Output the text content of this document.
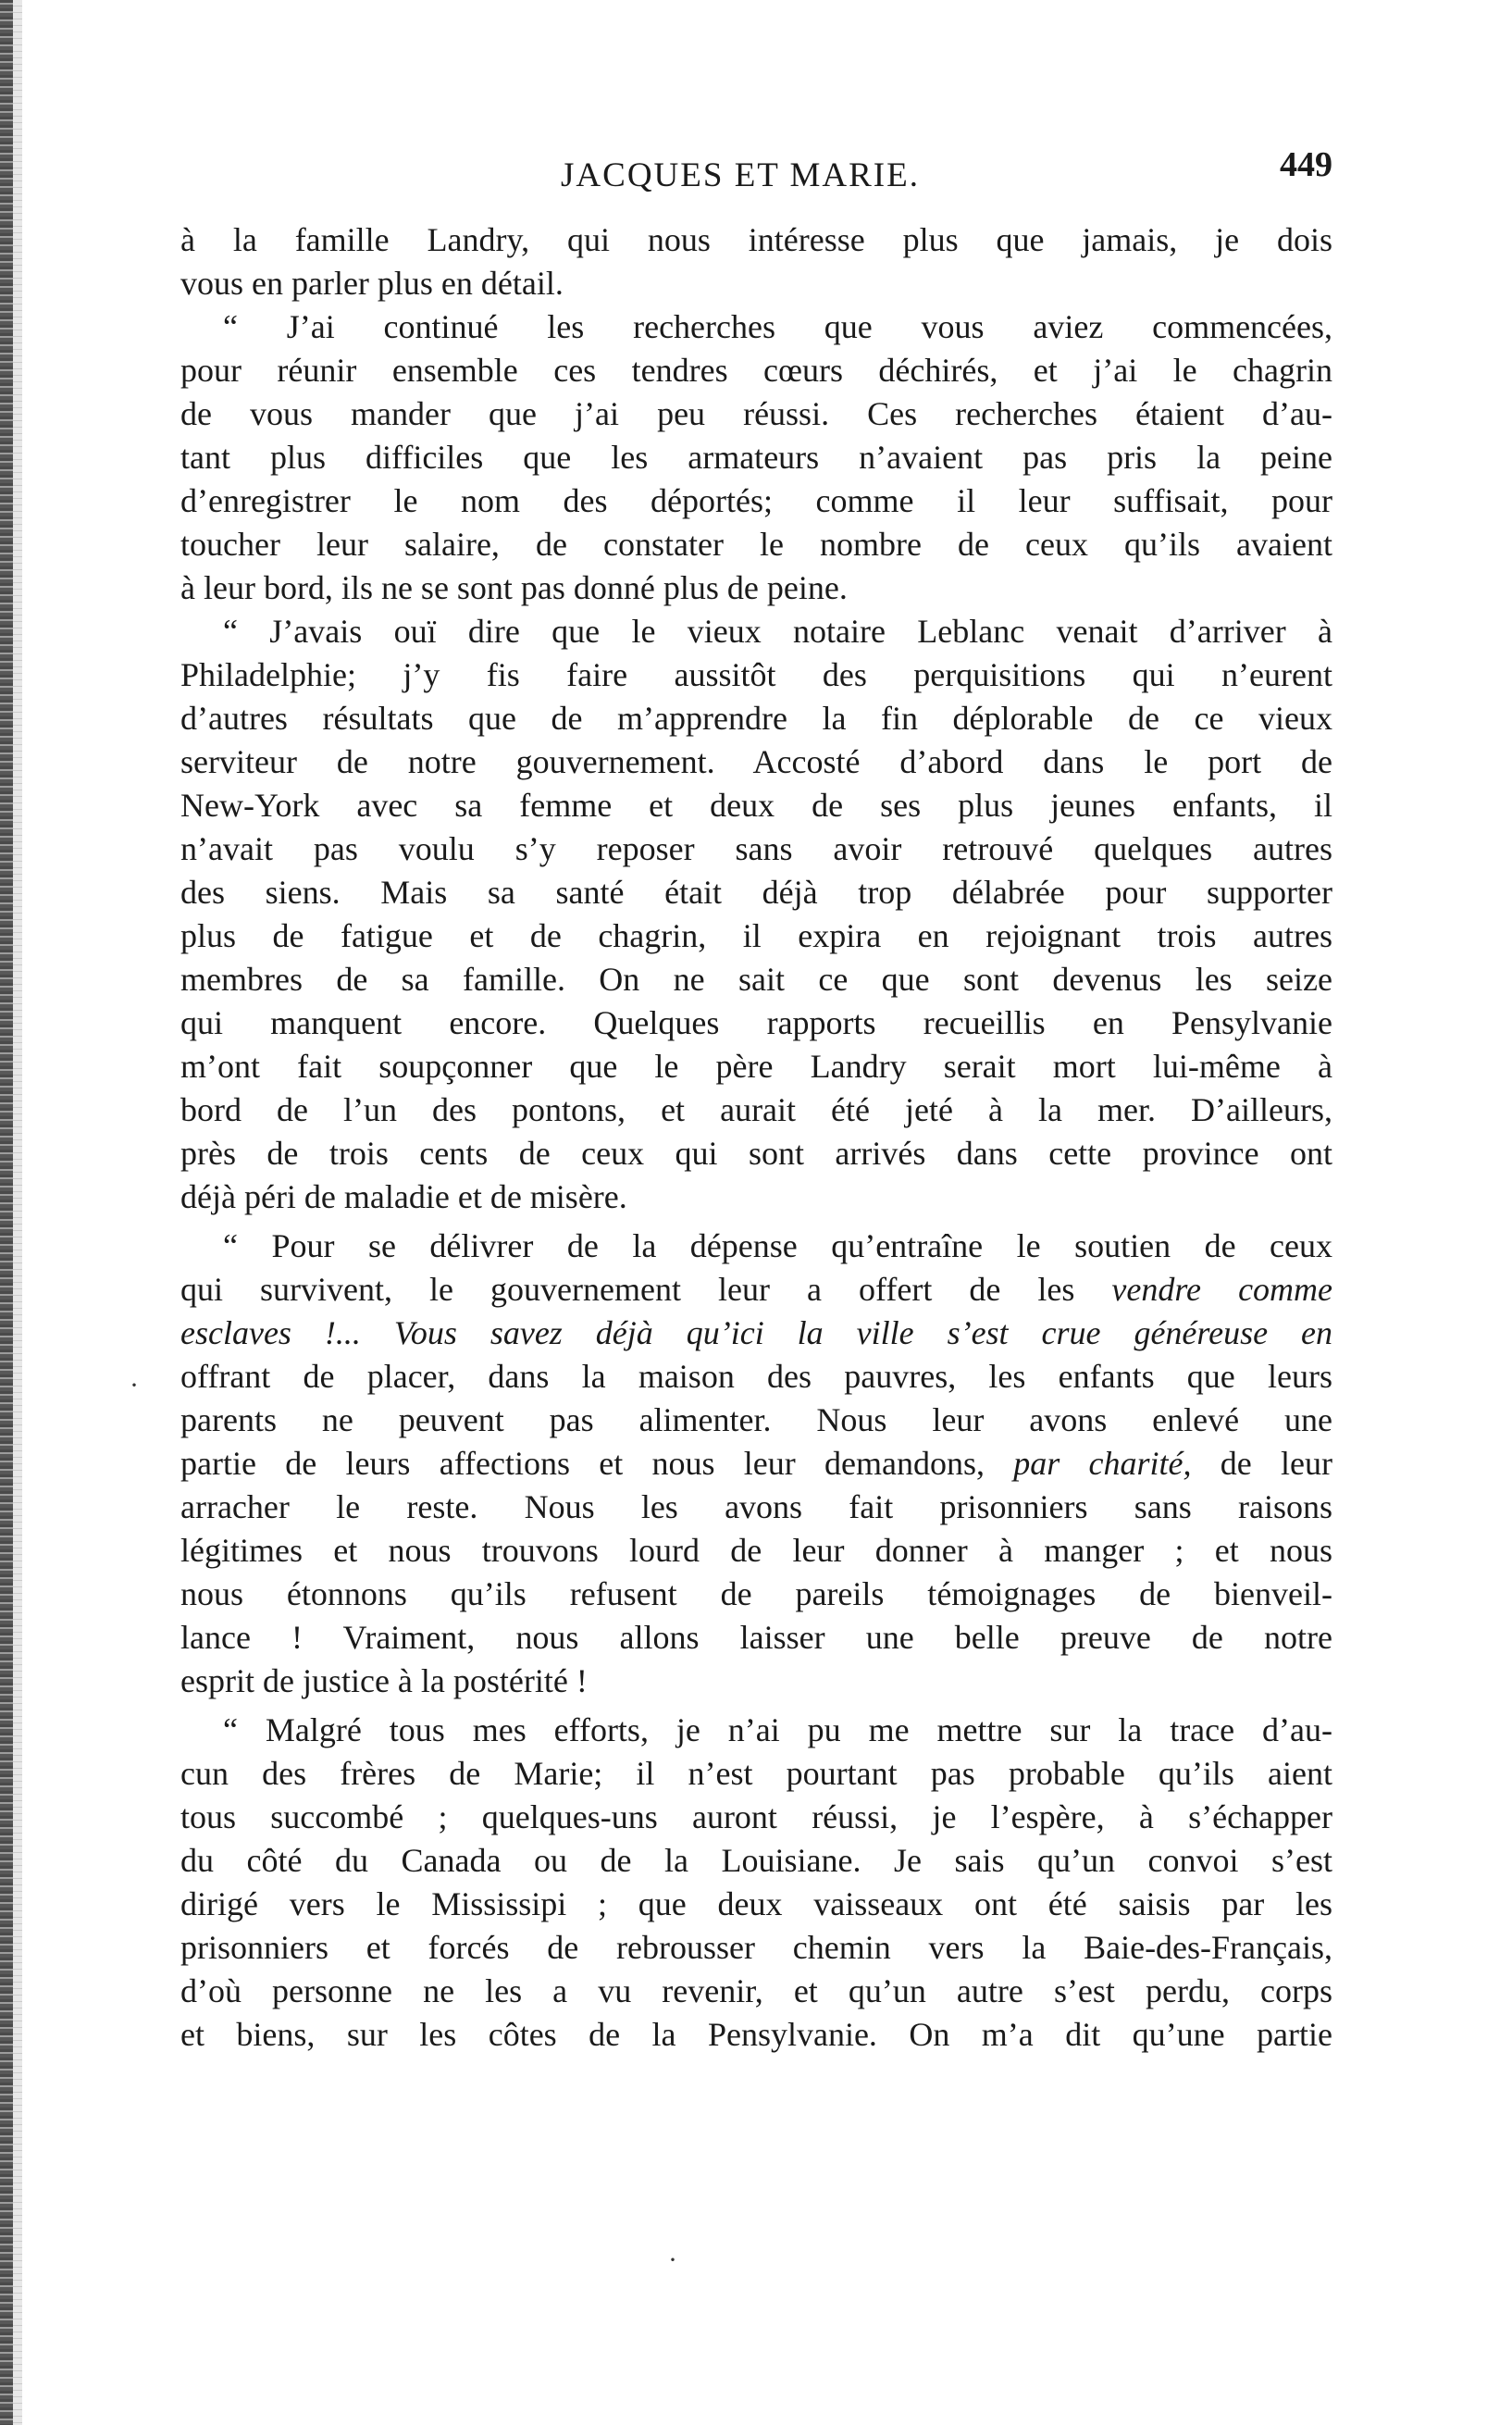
JACQUES ET MARIE.	449
à la famille Landry, qui nous intéresse plus que jamais, je dois
vous en parler plus en détail.
“ J’ai continué les recherches que vous aviez commencées,
pour réunir ensemble ces tendres cœurs déchirés, et j’ai le chagrin
de vous mander que j’ai peu réussi. Ces recherches étaient d’au-
tant plus difficiles que les armateurs n’avaient pas pris la peine
d’enregistrer le nom des déportés; comme il leur suffisait, pour
toucher leur salaire, de constater le nombre de ceux qu’ils avaient
à leur bord, ils ne se sont pas donné plus de peine.
“ J’avais ouï dire que le vieux notaire Leblanc venait d’arriver à
Philadelphie; j’y fis faire aussitôt des perquisitions qui n’eurent
d’autres résultats que de m’apprendre la fin déplorable de ce vieux
serviteur de notre gouvernement. Accosté d’abord dans le port de
New-York avec sa femme et deux de ses plus jeunes enfants, il
n’avait pas voulu s’y reposer sans avoir retrouvé quelques autres
des siens. Mais sa santé était déjà trop délabrée pour supporter
plus de fatigue et de chagrin, il expira en rejoignant trois autres
membres de sa famille. On ne sait ce que sont devenus les seize
qui manquent encore. Quelques rapports recueillis en Pensylvanie
m’ont fait soupçonner que le père Landry serait mort lui-même à
bord de l’un des pontons, et aurait été jeté à la mer. D’ailleurs,
près de trois cents de ceux qui sont arrivés dans cette province ont
déjà péri de maladie et de misère.
“ Pour se délivrer de la dépense qu’entraîne le soutien de ceux
qui survivent, le gouvernement leur a offert de les vendre comme
esclaves !... Vous savez déjà qu’ici la ville s’est crue généreuse en
offrant de placer, dans la maison des pauvres, les enfants que leurs
parents ne peuvent pas alimenter. Nous leur avons enlevé une
partie de leurs affections et nous leur demandons, par charité, de leur
arracher le reste. Nous les avons fait prisonniers sans raisons
légitimes et nous trouvons lourd de leur donner à manger ; et nous
nous étonnons qu’ils refusent de pareils témoignages de bienveil-
lance ! Vraiment, nous allons laisser une belle preuve de notre
esprit de justice à la postérité !
“ Malgré tous mes efforts, je n’ai pu me mettre sur la trace d’au-
cun des frères de Marie; il n’est pourtant pas probable qu’ils aient
tous succombé ; quelques-uns auront réussi, je l’espère, à s’échapper
du côté du Canada ou de la Louisiane. Je sais qu’un convoi s’est
dirigé vers le Mississipi ; que deux vaisseaux ont été saisis par les
prisonniers et forcés de rebrousser chemin vers la Baie-des-Français,
d’où personne ne les a vu revenir, et qu’un autre s’est perdu, corps
et biens, sur les côtes de la Pensylvanie. On m’a dit qu’une partie
·
·
